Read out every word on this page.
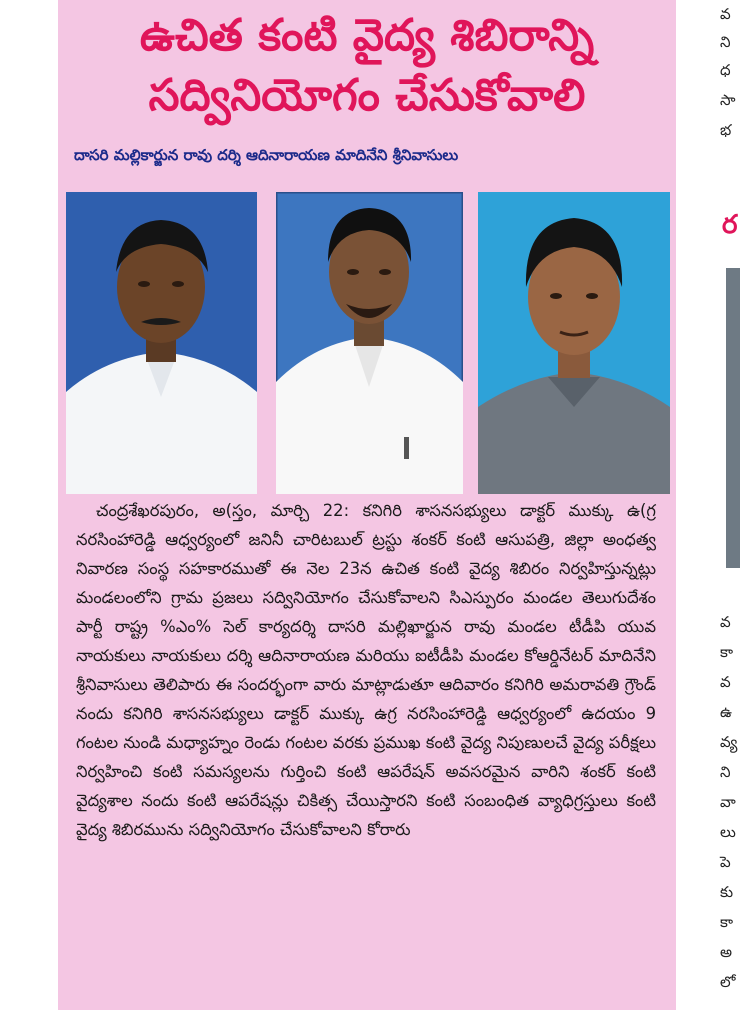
ఉచిత కంటి వైద్య శిబిరాన్ని
సద్వినియోగం చేసుకోవాలి
దాసరి మల్లికార్జున రావు దర్శి ఆదినారాయణ మాదినేని శ్రీనివాసులు
చంద్రశేఖరపురం, అ(స్తం, మార్చి 22: కనిగిరి శాసనసభ్యులు డాక్టర్ ముక్కు ఉ(గ్ర నరసింహారెడ్డి ఆధ్వర్యంలో జనినీ చారిటబుల్ ట్రస్టు శంకర్ కంటి ఆసుపత్రి, జిల్లా అంధత్వ నివారణ సంస్థ సహకారముతో ఈ నెల 23న ఉచిత కంటి వైద్య శిబిరం నిర్వహిస్తున్నట్లు మండలంలోని గ్రామ ప్రజలు సద్వినియోగం చేసుకోవాలని సిఎస్పురం మండల తెలుగుదేశం పార్టీ రాష్ట్ర %ఎం% సెల్ కార్యదర్శి దాసరి మల్లిఖార్జున రావు మండల టీడీపి యువ నాయకులు నాయకులు దర్శి ఆదినారాయణ మరియు ఐటీడీపి మండల కోఆర్డినేటర్ మాదినేని శ్రీనివాసులు తెలిపారు ఈ సందర్భంగా వారు మాట్లాడుతూ ఆదివారం కనిగిరి అమరావతి గ్రౌండ్ నందు కనిగిరి శాసనసభ్యులు డాక్టర్ ముక్కు ఉగ్ర నరసింహారెడ్డి ఆధ్వర్యంలో ఉదయం 9 గంటల నుండి మధ్యాహ్నం రెండు గంటల వరకు ప్రముఖ కంటి వైద్య నిపుణులచే వైద్య పరీక్షలు నిర్వహించి కంటి సమస్యలను గుర్తించి కంటి ఆపరేషన్ అవసరమైన వారిని శంకర్ కంటి వైద్యశాల నందు కంటి ఆపరేషన్లు చికిత్స చేయిస్తారని కంటి సంబంధిత వ్యాధిగ్రస్తులు కంటి వైద్య శిబిరమును సద్వినియోగం చేసుకోవాలని కోరారు
వ
ని
ధ
సా
భ
ర
వ
కా
వ
ఉ
వ్య
ని
వా
లు
పె
కు
కా
అ
లో
